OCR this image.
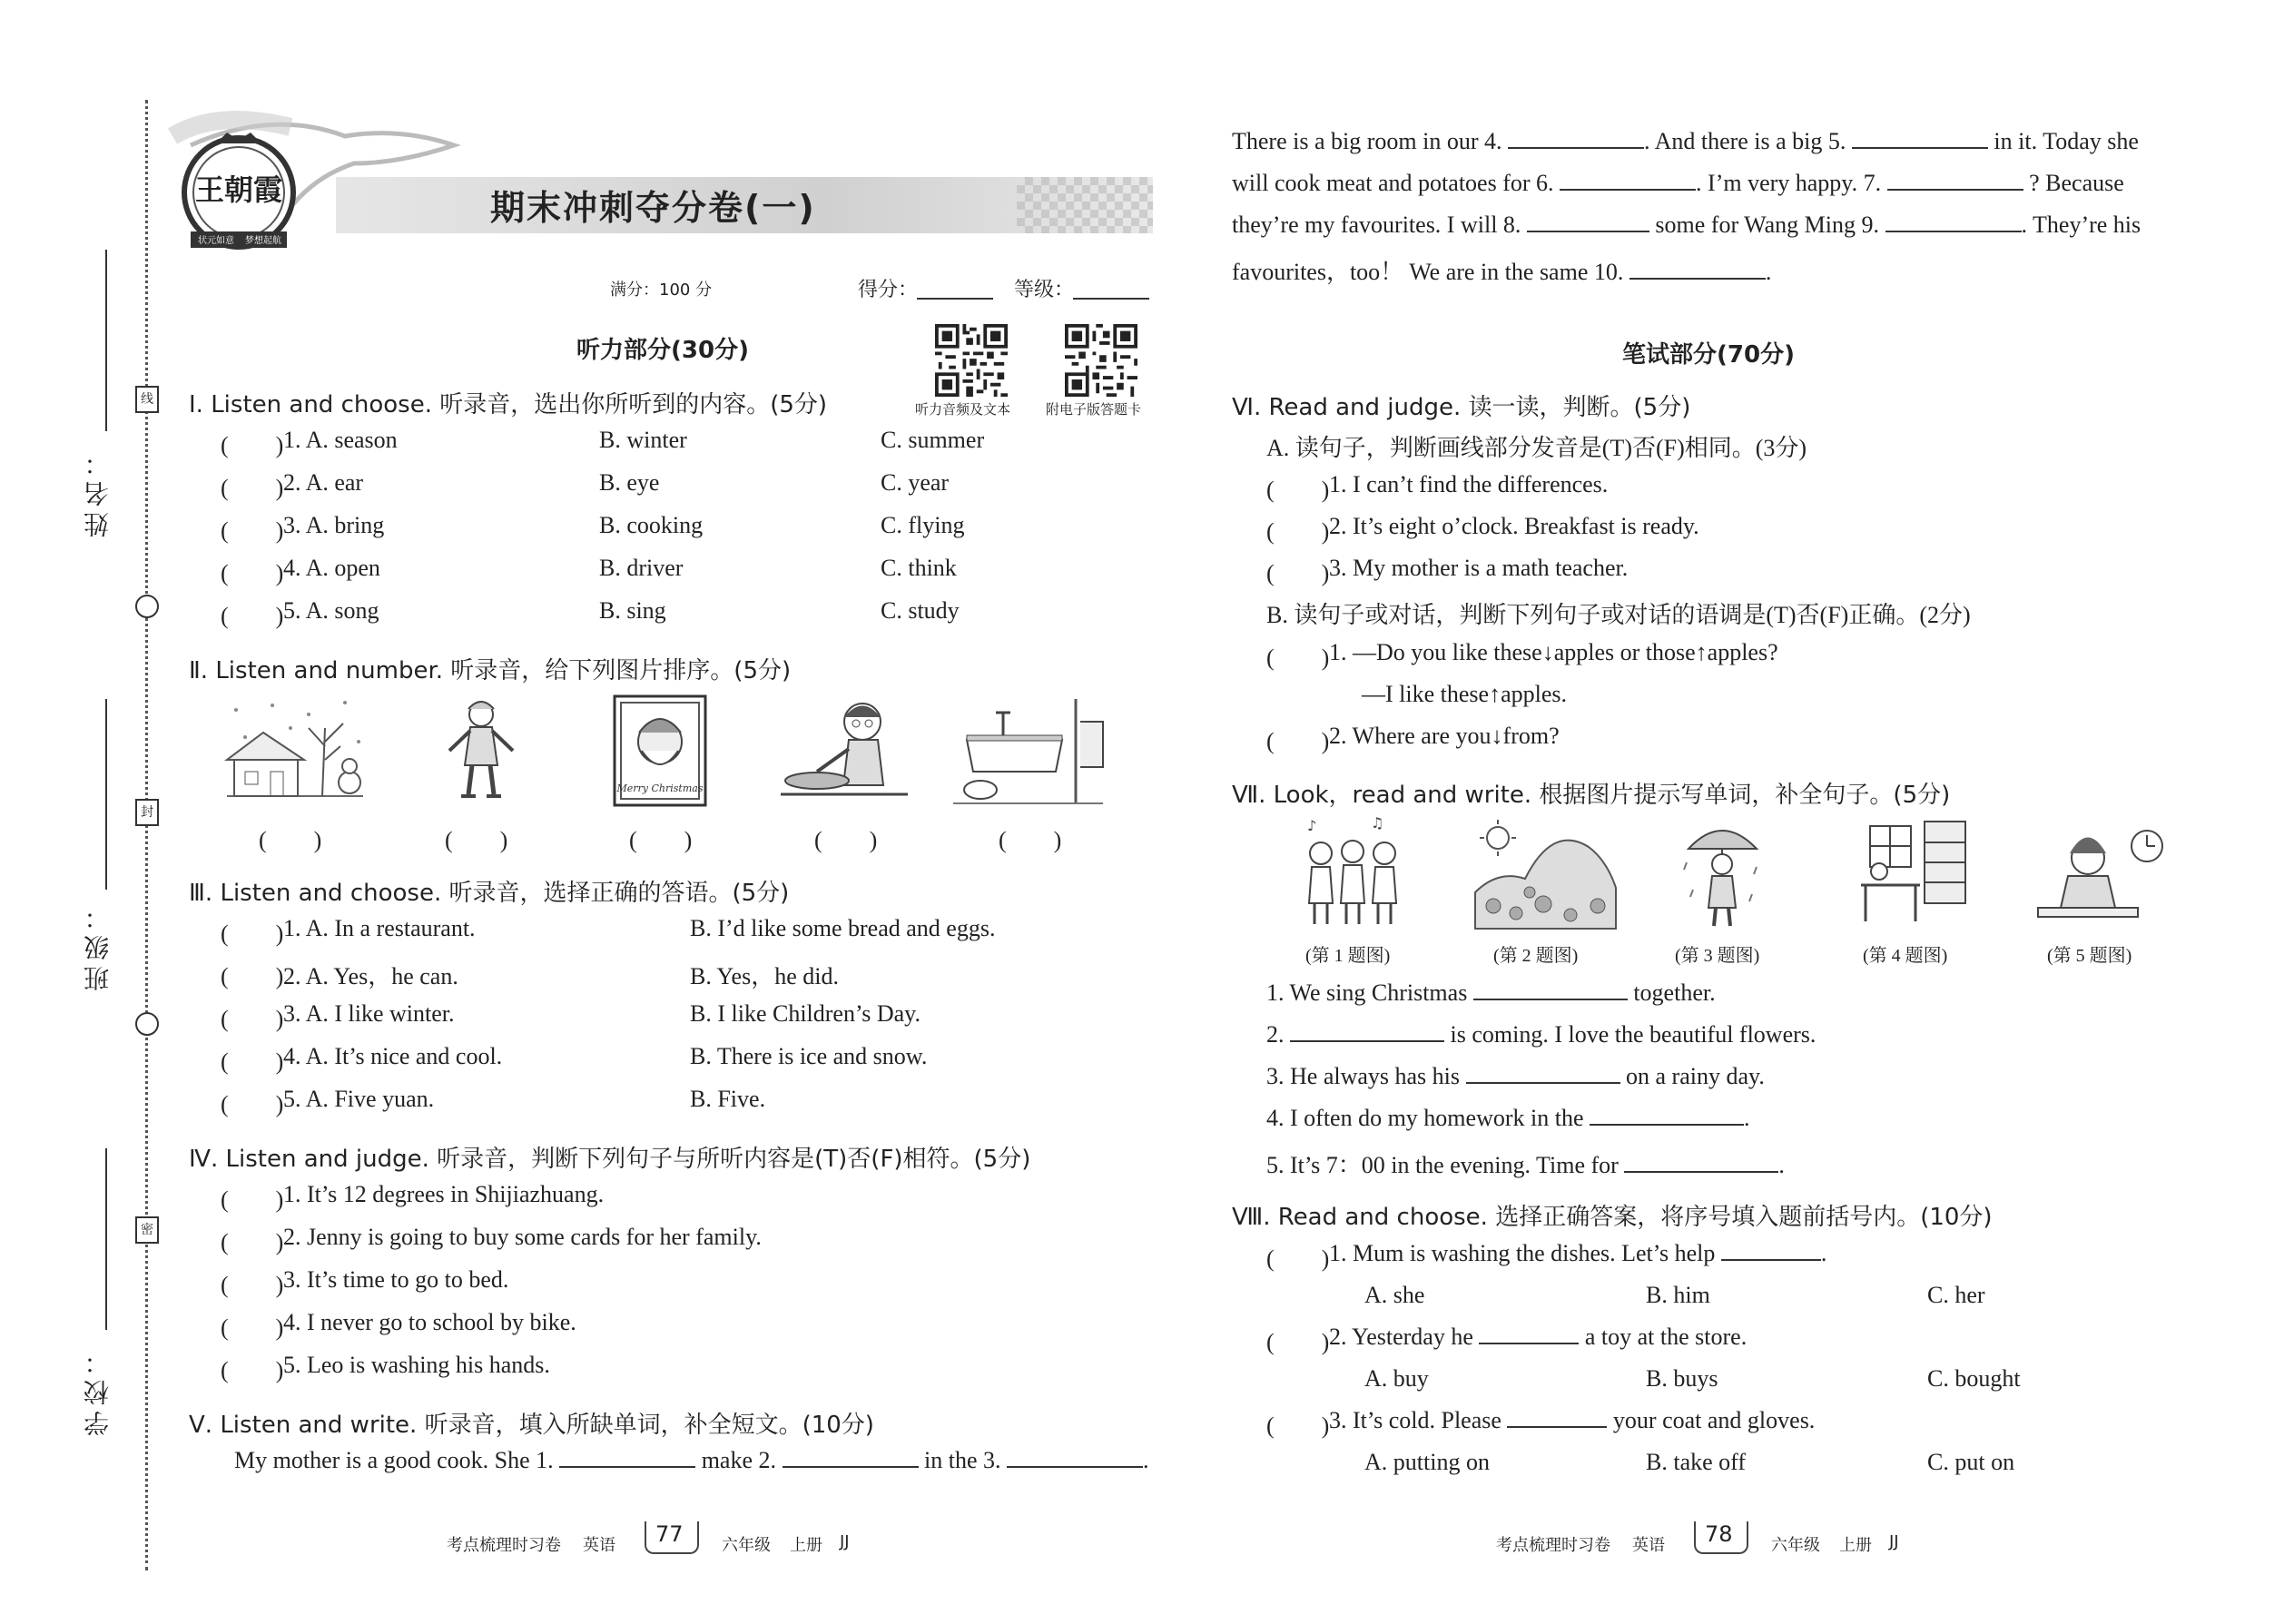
姓名：
线
班级：
封
学校：
密
王朝霞
状元如意 梦想起航
期末冲刺夺分卷(一)
满分：100 分	得分：	等级：
听力音频及文本	附电子版答题卡
听力部分(30分)
Ⅰ. Listen and choose. 听录音，选出你所听到的内容。(5分)
(　　) 1. A. season	B. winter	C. summer
(　　) 2. A. ear	B. eye	C. year
(　　) 3. A. bring	B. cooking	C. flying
(　　) 4. A. open	B. driver	C. think
(　　) 5. A. song	B. sing	C. study
Ⅱ. Listen and number. 听录音，给下列图片排序。(5分)
Merry Christmas
(　　)	(　　)	(　　)	(　　)	(　　)
Ⅲ. Listen and choose. 听录音，选择正确的答语。(5分)
(　　) 1. A. In a restaurant.	B. I’d like some bread and eggs.
(　　) 2. A. Yes，he can.	B. Yes，he did.
(　　) 3. A. I like winter.	B. I like Children’s Day.
(　　) 4. A. It’s nice and cool.	B. There is ice and snow.
(　　) 5. A. Five yuan.	B. Five.
Ⅳ. Listen and judge. 听录音，判断下列句子与所听内容是(T)否(F)相符。(5分)
(　　) 1. It’s 12 degrees in Shijiazhuang.
(　　) 2. Jenny is going to buy some cards for her family.
(　　) 3. It’s time to go to bed.
(　　) 4. I never go to school by bike.
(　　) 5. Leo is washing his hands.
Ⅴ. Listen and write. 听录音，填入所缺单词，补全短文。(10分)
My mother is a good cook. She 1.	make 2.	in the 3.	.
考点梳理时习卷 英语 77 六年级 上册 JJ
There is a big room in our 4.	. And there is a big 5.	in it. Today she
will cook meat and potatoes for 6.	. I’m very happy. 7.	? Because
they’re my favourites. I will 8.	some for Wang Ming 9.	. They’re his
favourites，too！ We are in the same 10.	.
笔试部分(70分)
Ⅵ. Read and judge. 读一读，判断。(5分)
A. 读句子，判断画线部分发音是(T)否(F)相同。(3分)
(　　) 1. I can’t find the differences.
(　　) 2. It’s eight o’clock. Breakfast is ready.
(　　) 3. My mother is a math teacher.
B. 读句子或对话，判断下列句子或对话的语调是(T)否(F)正确。(2分)
(　　) 1. —Do you like these↓apples or those↑apples?
—I like these↑apples.
(　　) 2. Where are you↓from?
Ⅶ. Look，read and write. 根据图片提示写单词，补全句子。(5分)
♪	♫
(第 1 题图)	(第 2 题图)	(第 3 题图)	(第 4 题图)	(第 5 题图)
1. We sing Christmas	together.
2.	is coming. I love the beautiful flowers.
3. He always has his	on a rainy day.
4. I often do my homework in the	.
5. It’s 7：00 in the evening. Time for	.
Ⅷ. Read and choose. 选择正确答案，将序号填入题前括号内。(10分)
(　　) 1. Mum is washing the dishes. Let’s help	.
A. she	B. him	C. her
(　　) 2. Yesterday he	a toy at the store.
A. buy	B. buys	C. bought
(　　) 3. It’s cold. Please	your coat and gloves.
A. putting on	B. take off	C. put on
考点梳理时习卷 英语 78 六年级 上册 JJ
